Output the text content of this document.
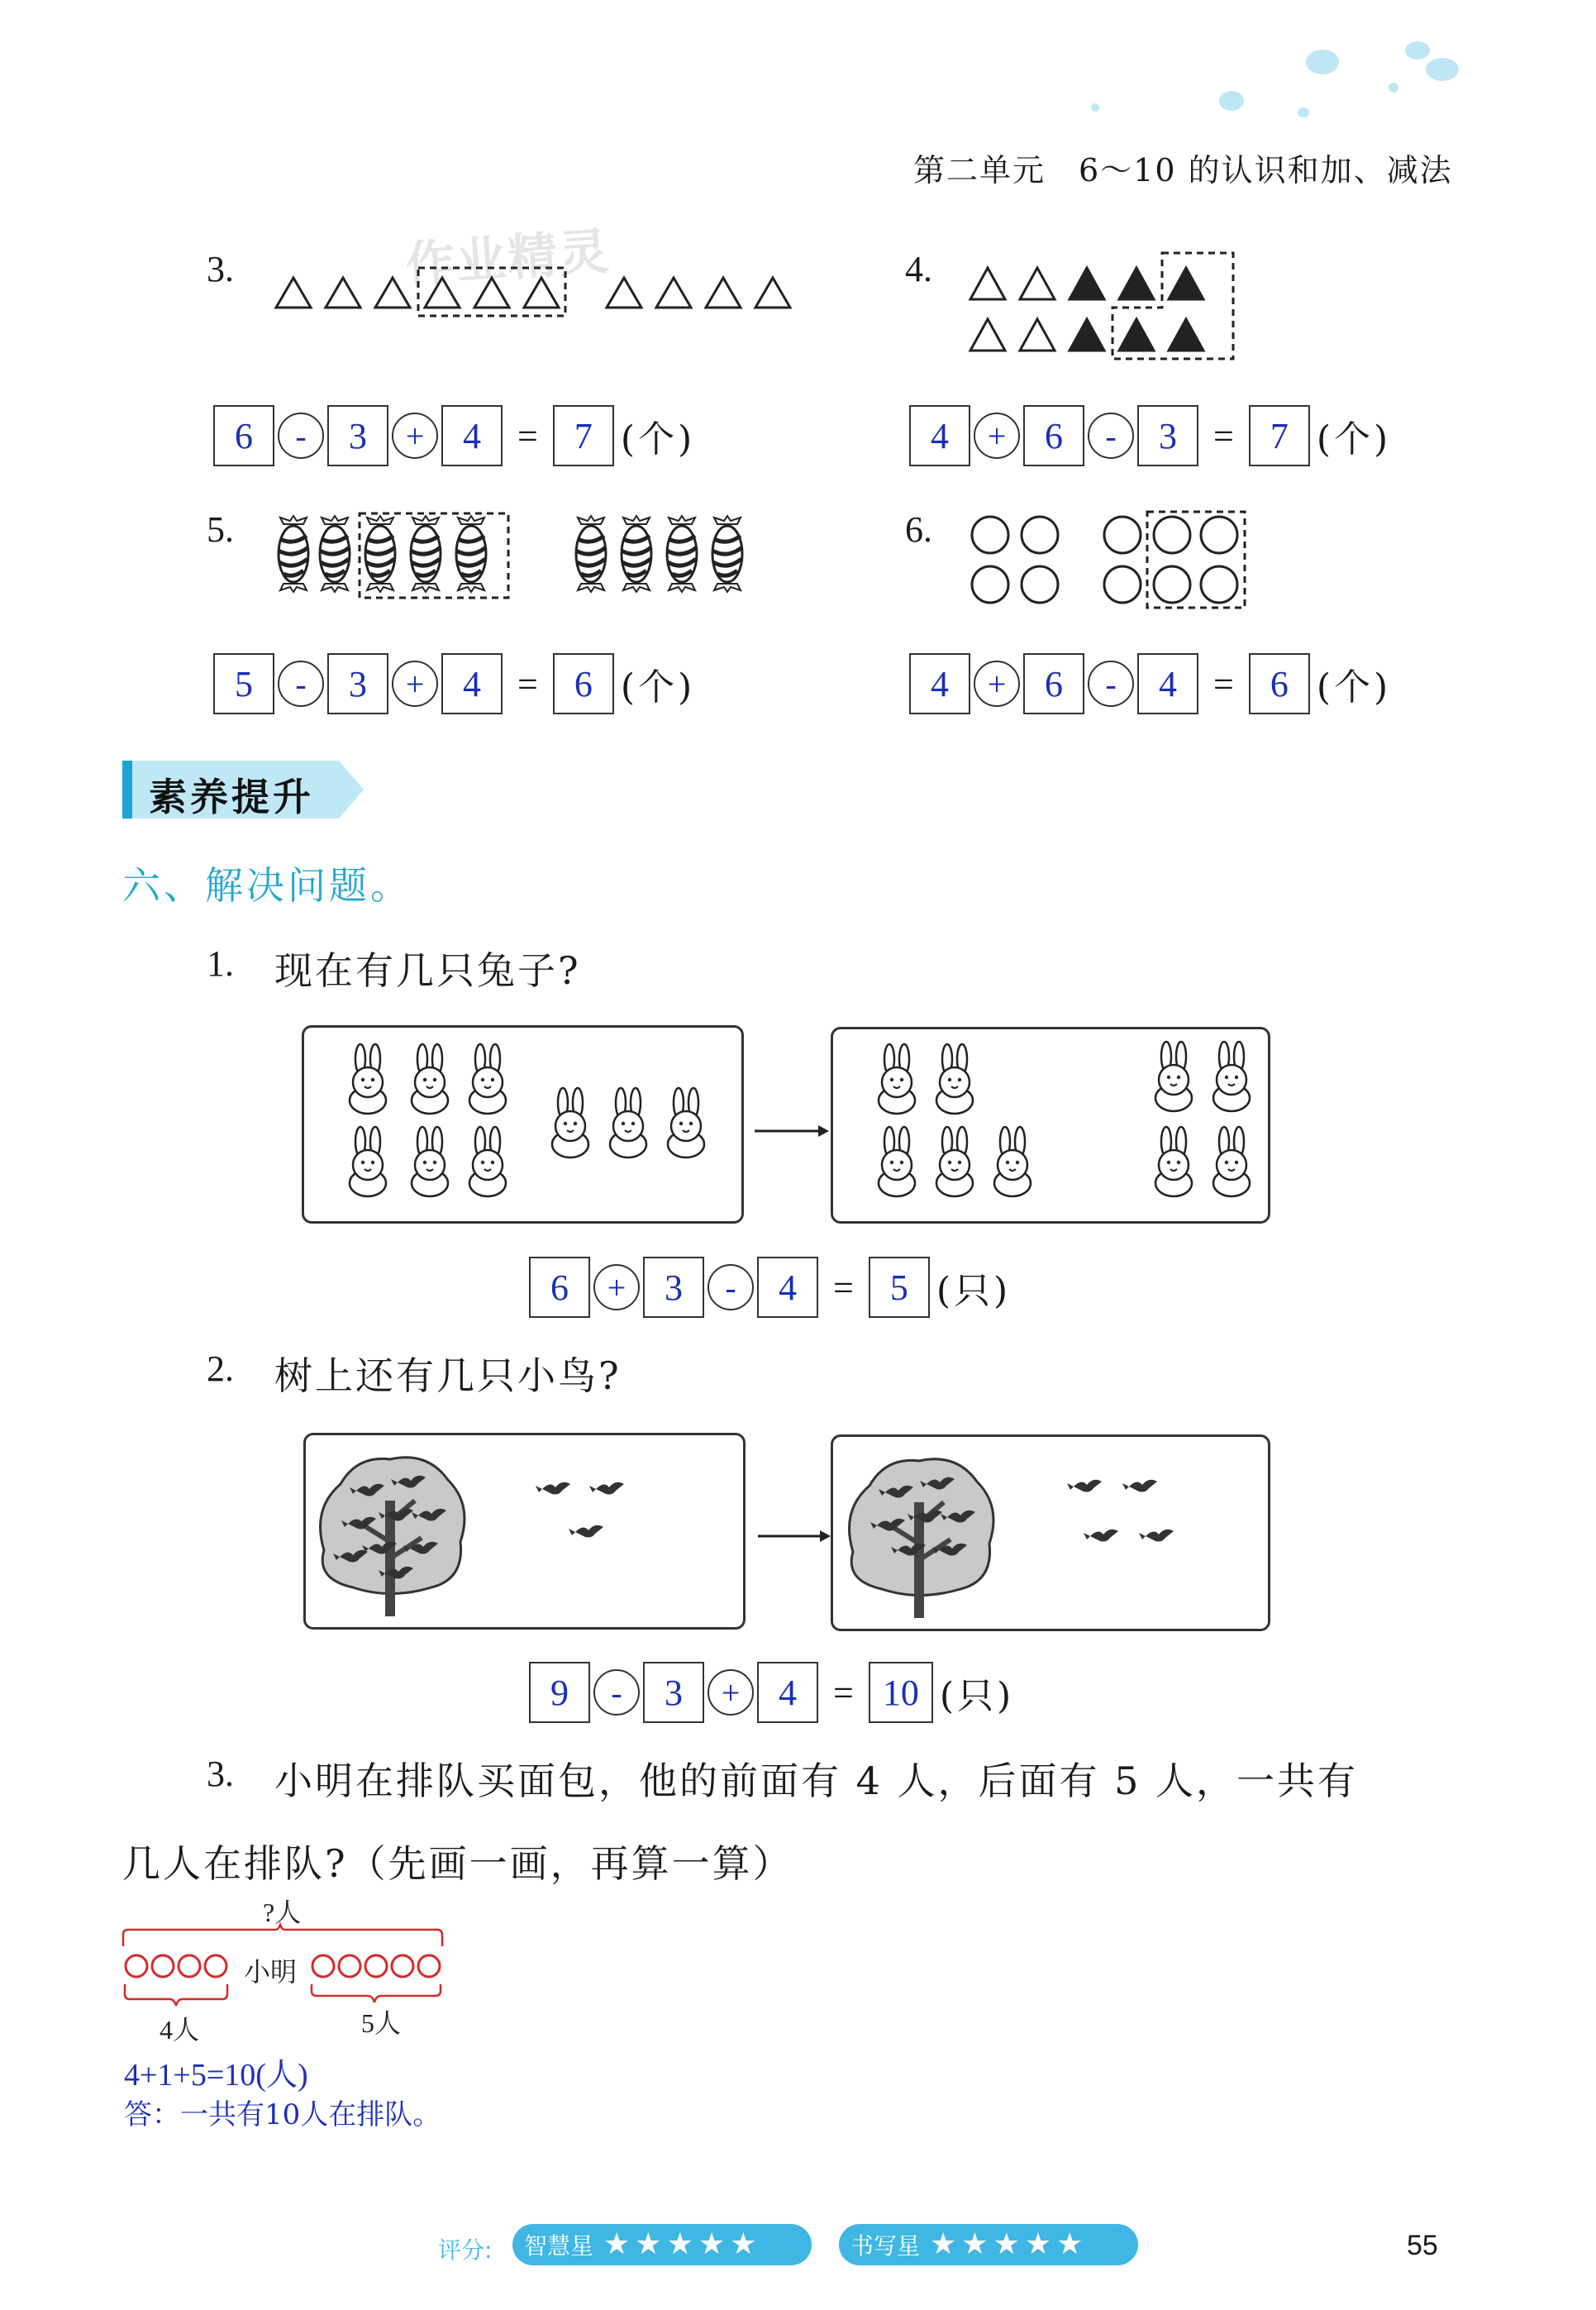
第二单元　6～10 的认识和加、减法
作业精灵
3.
6	-	3	+	4	=	7 (个)
4.
4	+	6	-	3	=	7 (个)
5.
5	-	3	+	4	=	6 (个)
6.
4	+	6	-	4	=	6 (个)
素养提升
六、解决问题。
1. 现在有几只兔子?
6	+	3	-	4	=	5 (只)
2. 树上还有几只小鸟?
9	-	3	+	4	= 10 (只)
3. 小明在排队买面包，他的前面有 4 人，后面有 5 人，一共有
几人在排队?（先画一画，再算一算）
?人
小明
4人	5人
4+1+5=10(人)
答：一共有10人在排队。
评分: 智慧星 ★★★★★	书写星 ★★★★★	55
